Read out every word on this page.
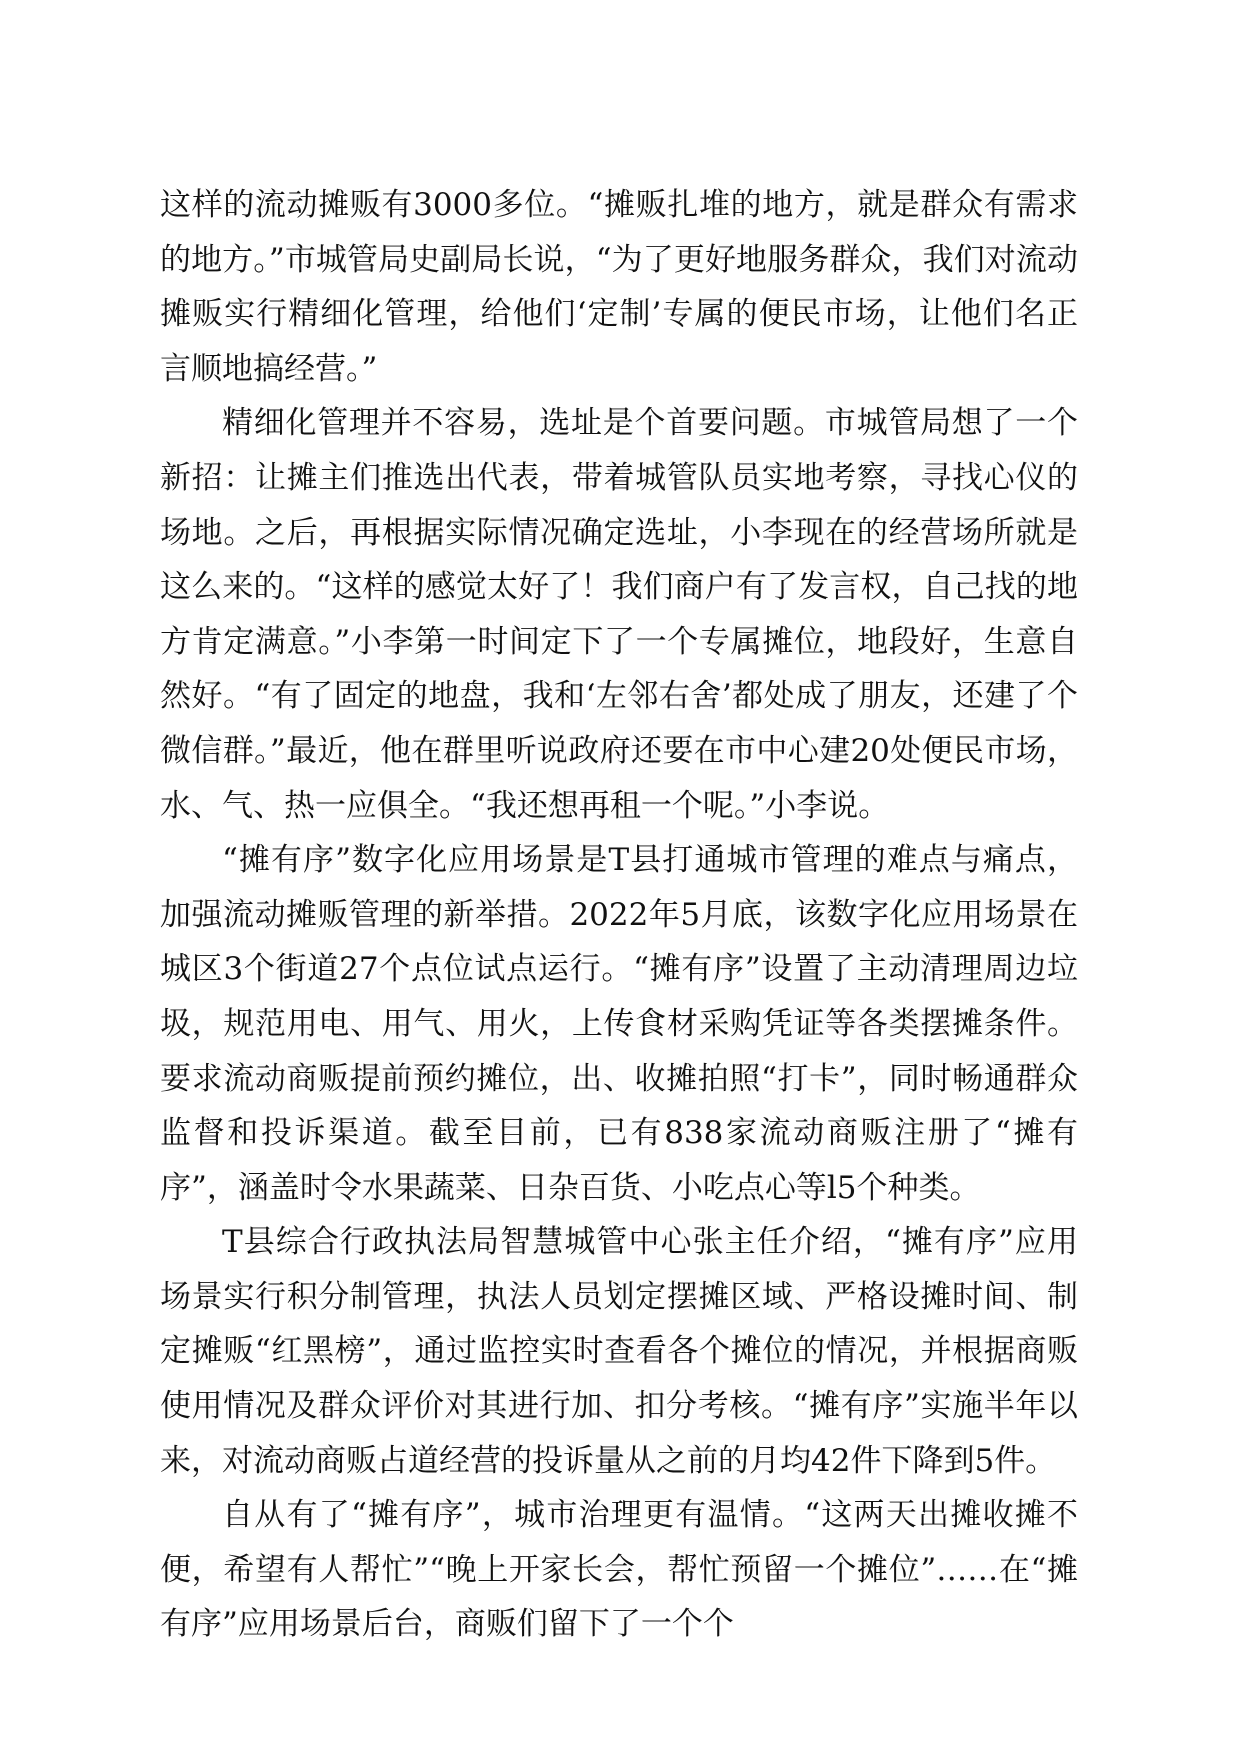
这样的流动摊贩有3000多位。“摊贩扎堆的地方，就是群众有需求的地方。”市城管局史副局长说，“为了更好地服务群众，我们对流动摊贩实行精细化管理，给他们‘定制’专属的便民市场，让他们名正言顺地搞经营。”

精细化管理并不容易，选址是个首要问题。市城管局想了一个新招：让摊主们推选出代表，带着城管队员实地考察，寻找心仪的场地。之后，再根据实际情况确定选址，小李现在的经营场所就是这么来的。“这样的感觉太好了！我们商户有了发言权，自己找的地方肯定满意。”小李第一时间定下了一个专属摊位，地段好，生意自然好。“有了固定的地盘，我和‘左邻右舍’都处成了朋友，还建了个微信群。”最近，他在群里听说政府还要在市中心建20处便民市场，水、气、热一应俱全。“我还想再租一个呢。”小李说。

“摊有序”数字化应用场景是T县打通城市管理的难点与痛点，加强流动摊贩管理的新举措。2022年5月底，该数字化应用场景在城区3个街道27个点位试点运行。“摊有序”设置了主动清理周边垃圾，规范用电、用气、用火，上传食材采购凭证等各类摆摊条件。要求流动商贩提前预约摊位，出、收摊拍照“打卡”，同时畅通群众监督和投诉渠道。截至目前，已有838家流动商贩注册了“摊有序”，涵盖时令水果蔬菜、日杂百货、小吃点心等l5个种类。

T县综合行政执法局智慧城管中心张主任介绍，“摊有序”应用场景实行积分制管理，执法人员划定摆摊区域、严格设摊时间、制定摊贩“红黑榜”，通过监控实时查看各个摊位的情况，并根据商贩使用情况及群众评价对其进行加、扣分考核。“摊有序”实施半年以来，对流动商贩占道经营的投诉量从之前的月均42件下降到5件。

自从有了“摊有序”，城市治理更有温情。“这两天出摊收摊不便，希望有人帮忙”“晚上开家长会，帮忙预留一个摊位”……在“摊有序”应用场景后台，商贩们留下了一个个
